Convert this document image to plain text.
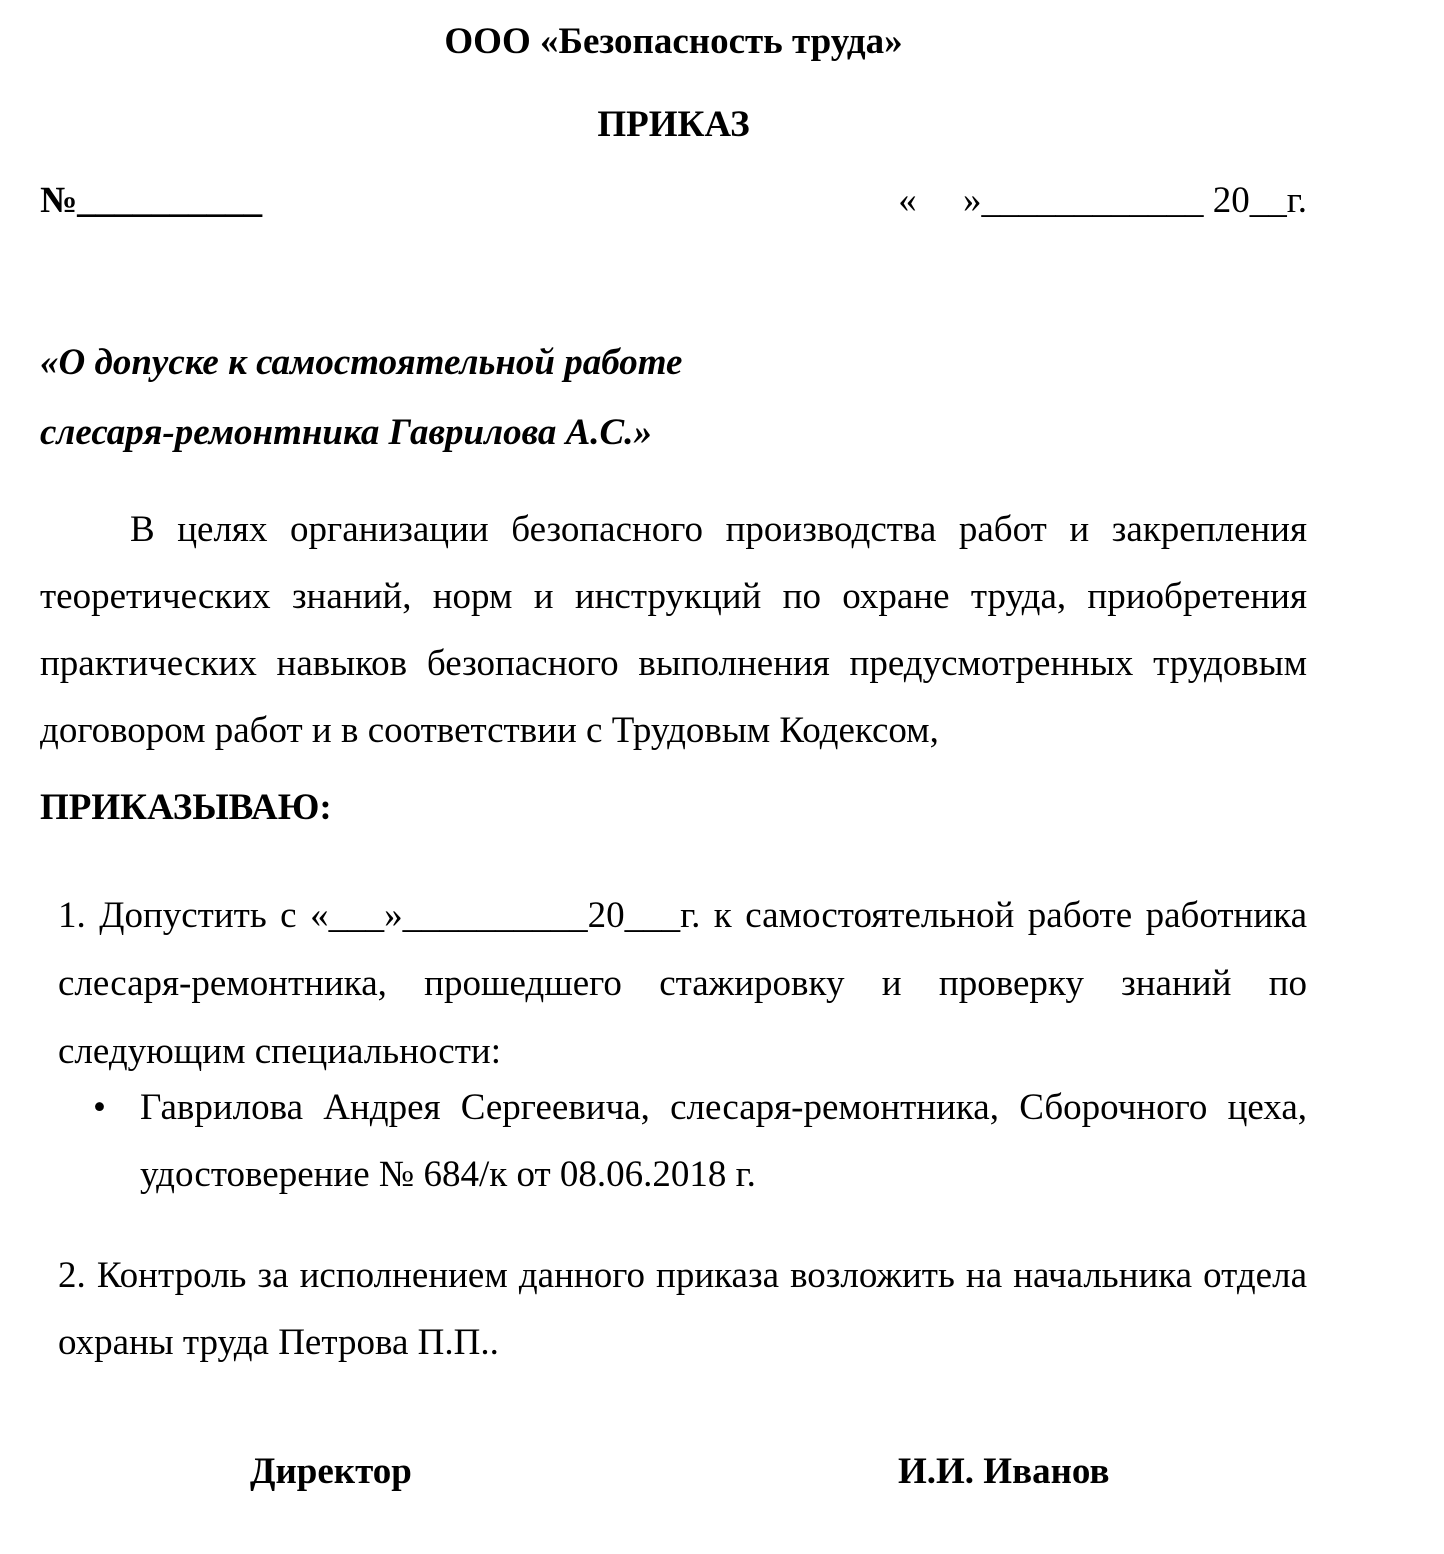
ООО «Безопасность труда»
ПРИКАЗ
№__________	«     »____________ 20__г.
«О допуске к самостоятельной работе
слесаря-ремонтника Гаврилова А.С.»
В целях организации безопасного производства работ и закрепления
теоретических знаний, норм и инструкций по охране труда, приобретения
практических навыков безопасного выполнения предусмотренных трудовым
договором работ и в соответствии с Трудовым Кодексом,
ПРИКАЗЫВАЮ:
1. Допустить с «___»__________20___г. к самостоятельной работе работника
слесаря-ремонтника, прошедшего стажировку и проверку знаний по
следующим специальности:
• Гаврилова Андрея Сергеевича, слесаря-ремонтника, Сборочного цеха,
удостоверение № 684/к от 08.06.2018 г.
2. Контроль за исполнением данного приказа возложить на начальника отдела
охраны труда Петрова П.П..
Директор	И.И. Иванов
